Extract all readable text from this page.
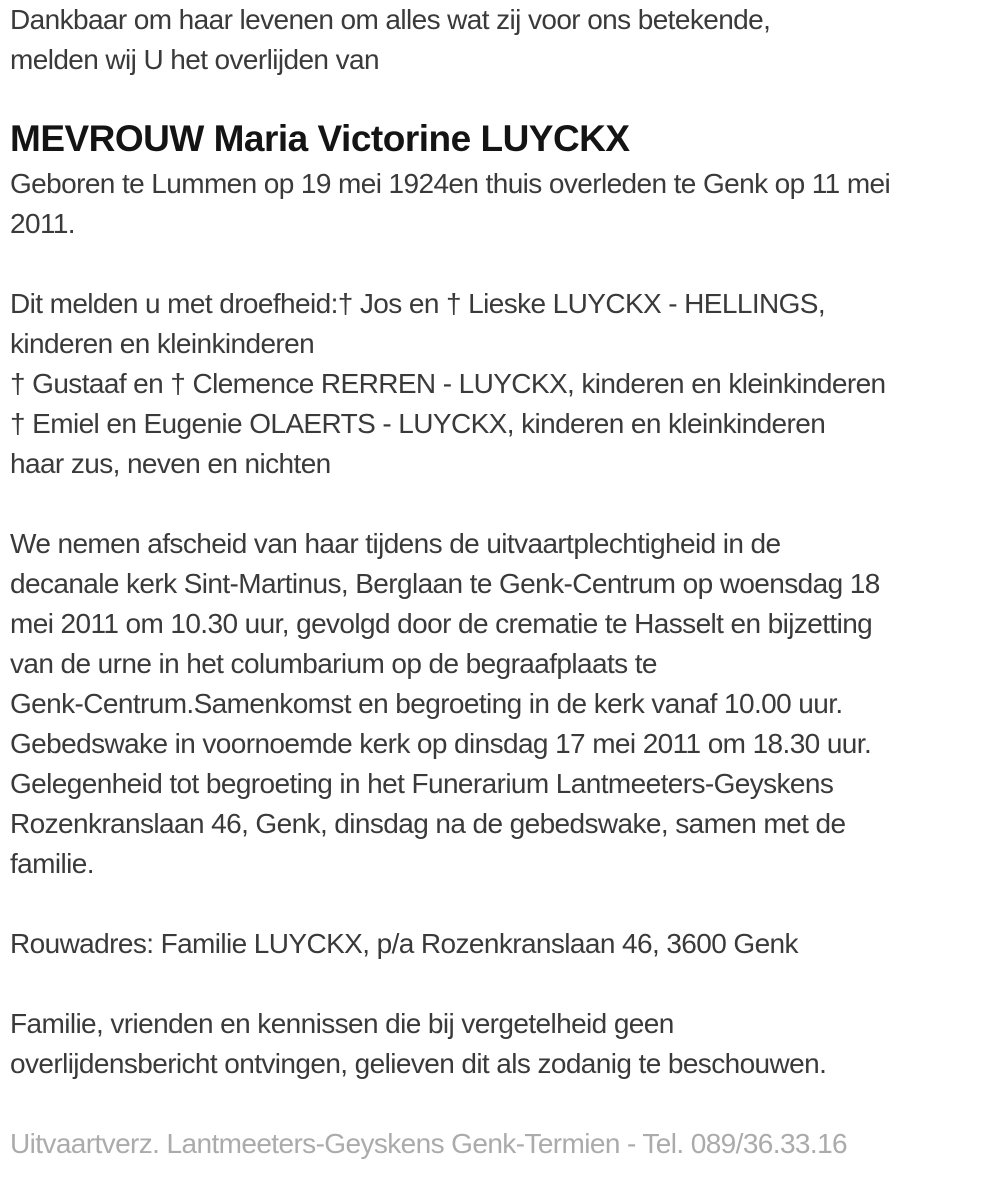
Dankbaar om haar levenen om alles wat zij voor ons betekende,
melden wij U het overlijden van
MEVROUW Maria Victorine LUYCKX
Geboren te Lummen op 19 mei 1924en thuis overleden te Genk op 11 mei
2011.
Dit melden u met droefheid:† Jos en † Lieske LUYCKX - HELLINGS,
kinderen en kleinkinderen
† Gustaaf en † Clemence RERREN - LUYCKX, kinderen en kleinkinderen
† Emiel en Eugenie OLAERTS - LUYCKX, kinderen en kleinkinderen
haar zus, neven en nichten
We nemen afscheid van haar tijdens de uitvaartplechtigheid in de
decanale kerk Sint-Martinus, Berglaan te Genk-Centrum op woensdag 18
mei 2011 om 10.30 uur, gevolgd door de crematie te Hasselt en bijzetting
van de urne in het columbarium op de begraafplaats te
Genk-Centrum.Samenkomst en begroeting in de kerk vanaf 10.00 uur.
Gebedswake in voornoemde kerk op dinsdag 17 mei 2011 om 18.30 uur.
Gelegenheid tot begroeting in het Funerarium Lantmeeters-Geyskens
Rozenkranslaan 46, Genk, dinsdag na de gebedswake, samen met de
familie.
Rouwadres: Familie LUYCKX, p/a Rozenkranslaan 46, 3600 Genk
Familie, vrienden en kennissen die bij vergetelheid geen
overlijdensbericht ontvingen, gelieven dit als zodanig te beschouwen.
Uitvaartverz. Lantmeeters-Geyskens Genk-Termien - Tel. 089/36.33.16
